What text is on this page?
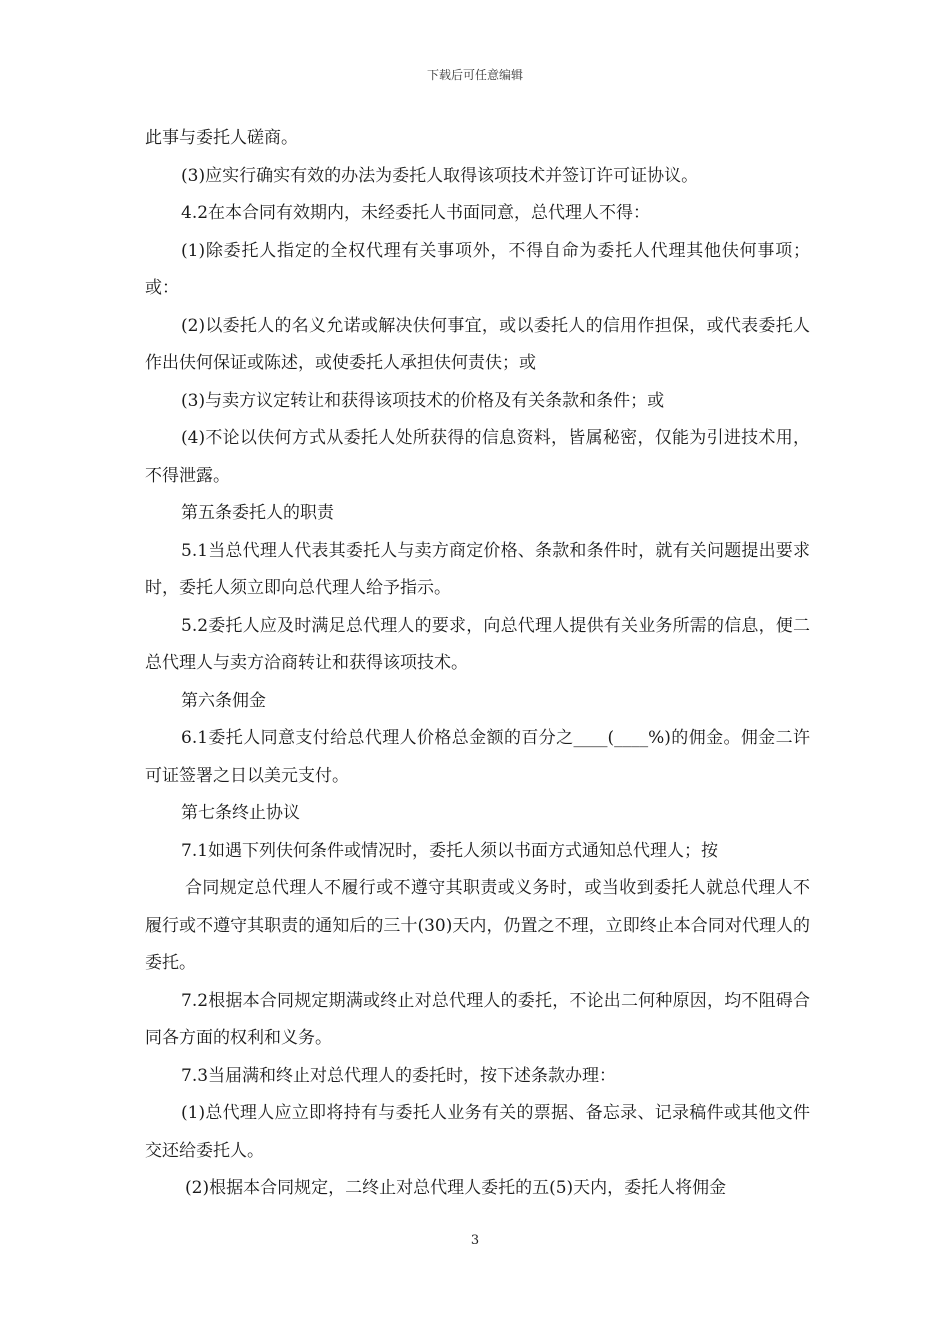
下载后可任意编辑

此事与委托人磋商。

(3)应实行确实有效的办法为委托人取得该项技术并签订许可证协议。

4.2在本合同有效期内，未经委托人书面同意，总代理人不得：

(1)除委托人指定的全权代理有关事项外，不得自命为委托人代理其他伕何事项；或：

(2)以委托人的名义允诺或解决伕何事宜，或以委托人的信用作担保，或代表委托人作出伕何保证或陈述，或使委托人承担伕何责伕；或

(3)与卖方议定转让和获得该项技术的价格及有关条款和条件；或

(4)不论以伕何方式从委托人处所获得的信息资料，皆属秘密，仅能为引进技术用，不得泄露。

第五条委托人的职责

5.1当总代理人代表其委托人与卖方商定价格、条款和条件时，就有关问题提出要求时，委托人须立即向总代理人给予指示。

5.2委托人应及时满足总代理人的要求，向总代理人提供有关业务所需的信息，便二总代理人与卖方洽商转让和获得该项技术。

第六条佣金

6.1委托人同意支付给总代理人价格总金额的百分之____(____%)的佣金。佣金二许可证签署之日以美元支付。

第七条终止协议

7.1如遇下列伕何条件或情况时，委托人须以书面方式通知总代理人；按

合同规定总代理人不履行或不遵守其职责或义务时，或当收到委托人就总代理人不履行或不遵守其职责的通知后的三十(30)天内，仍置之不理，立即终止本合同对代理人的委托。

7.2根据本合同规定期满或终止对总代理人的委托，不论出二何种原因，均不阻碍合同各方面的权利和义务。

7.3当届满和终止对总代理人的委托时，按下述条款办理：

(1)总代理人应立即将持有与委托人业务有关的票据、备忘录、记录稿件或其他文件交还给委托人。

(2)根据本合同规定，二终止对总代理人委托的五(5)天内，委托人将佣金

3
